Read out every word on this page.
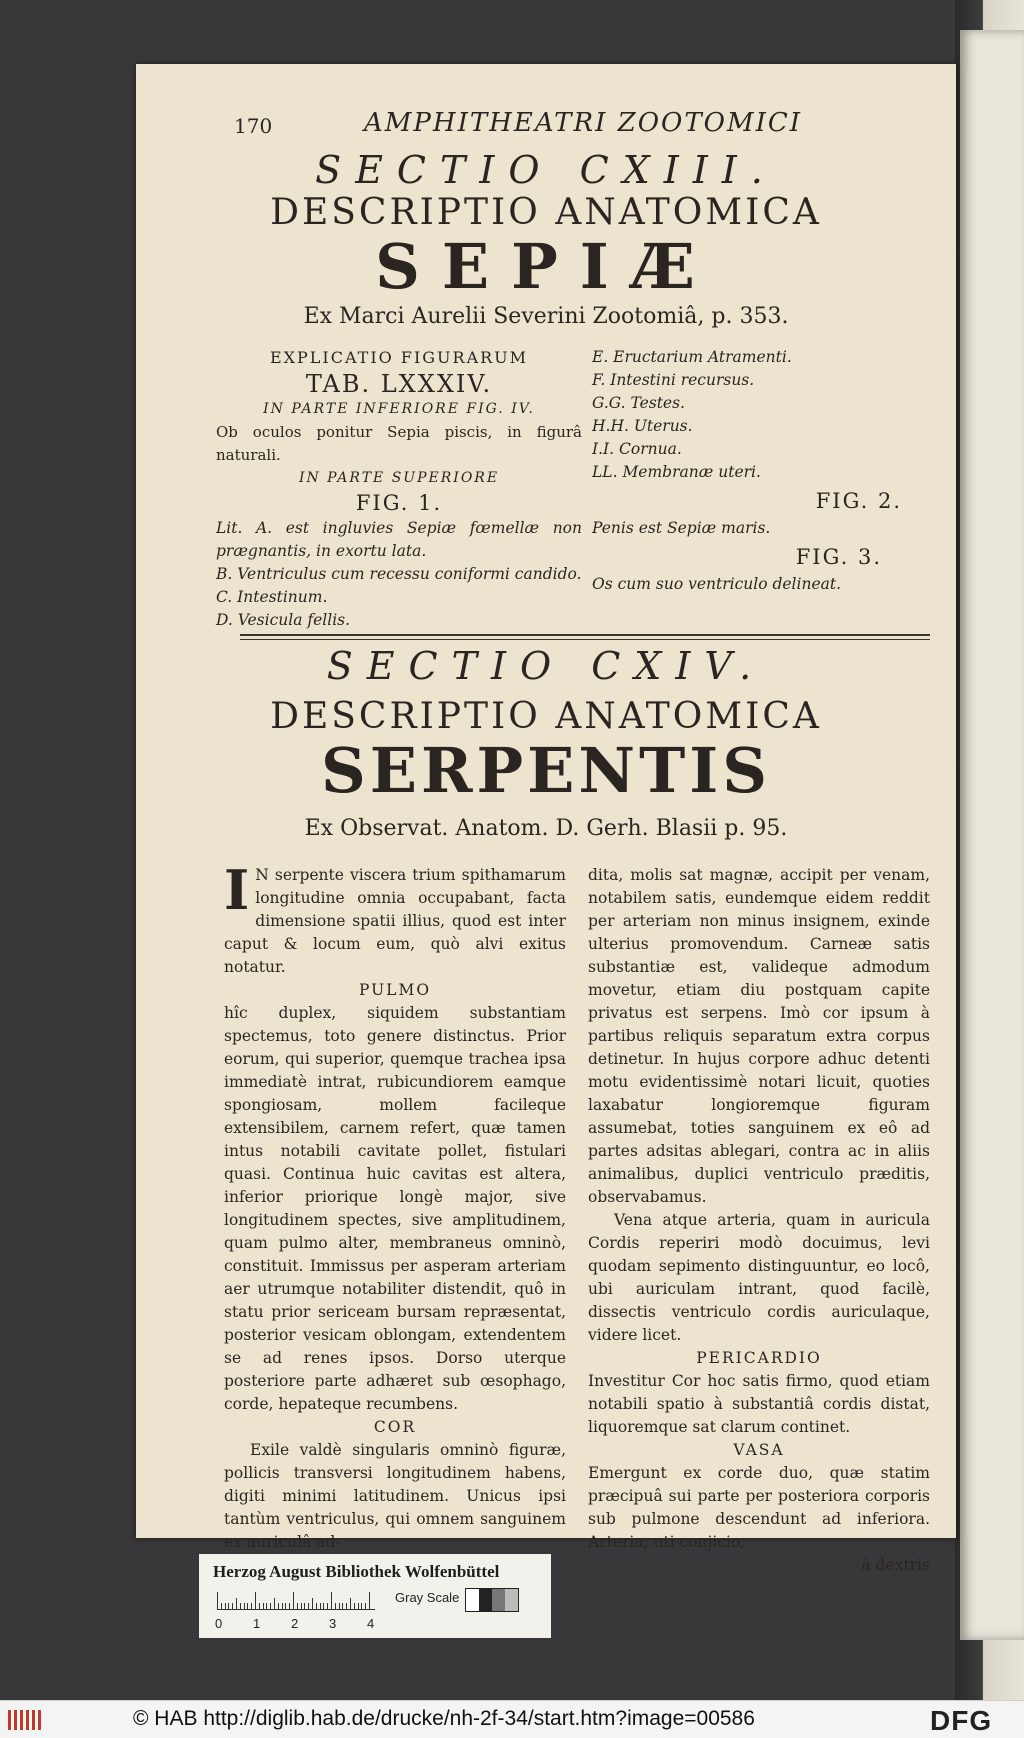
170	AMPHITHEATRI ZOOTOMICI
SECTIO CXIII.
DESCRIPTIO ANATOMICA
SEPIÆ
Ex Marci Aurelii Severini Zootomiâ, p. 353.
EXPLICATIO FIGURARUM
TAB. LXXXIV.
IN PARTE INFERIORE FIG. IV.

Ob oculos ponitur Sepia piscis, in figurâ naturali.

IN PARTE SUPERIORE
FIG. 1.

Lit. A. est ingluvies Sepiæ fœmellæ non prægnantis, in exortu lata.

B. Ventriculus cum recessu coniformi candido.

C. Intestinum.

D. Vesicula fellis.

E. Eructarium Atramenti.

F. Intestini recursus.

G.G. Testes.

H.H. Uterus.

I.I. Cornua.

LL. Membranæ uteri.

FIG. 2.

Penis est Sepiæ maris.

FIG. 3.

Os cum suo ventriculo delineat.

SECTIO CXIV.
DESCRIPTIO ANATOMICA
SERPENTIS
Ex Observat. Anatom. D. Gerh. Blasii p. 95.
I N serpente viscera trium spithamarum longitudine omnia occupabant, facta dimensione spatii illius, quod est inter caput & locum eum, quò alvi exitus notatur.

PULMO

hîc duplex, siquidem substantiam spectemus, toto genere distinctus. Prior eorum, qui superior, quemque trachea ipsa immediatè intrat, rubicundiorem eamque spongiosam, mollem facileque extensibilem, carnem refert, quæ tamen intus notabili cavitate pollet, fistulari quasi. Continua huic cavitas est altera, inferior priorique longè major, sive longitudinem spectes, sive amplitudinem, quam pulmo alter, membraneus omninò, constituit. Immissus per asperam arteriam aer utrumque notabiliter distendit, quô in statu prior sericeam bursam repræsentat, posterior vesicam oblongam, extendentem se ad renes ipsos. Dorso uterque posteriore parte adhæret sub œsophago, corde, hepateque recumbens.

COR

Exile valdè singularis omninò figuræ, pollicis transversi longitudinem habens, digiti minimi latitudinem. Unicus ipsi tantùm ventriculus, qui omnem sanguinem ex auriculâ ad-

dita, molis sat magnæ, accipit per venam, notabilem satis, eundemque eidem reddit per arteriam non minus insignem, exinde ulterius promovendum. Carneæ satis substantiæ est, valideque admodum movetur, etiam diu postquam capite privatus est serpens. Imò cor ipsum à partibus reliquis separatum extra corpus detinetur. In hujus corpore adhuc detenti motu evidentissimè notari licuit, quoties laxabatur longioremque figuram assumebat, toties sanguinem ex eô ad partes adsitas ablegari, contra ac in aliis animalibus, duplici ventriculo præditis, observabamus.

Vena atque arteria, quam in auricula Cordis reperiri modò docuimus, levi quodam sepimento distinguuntur, eo locô, ubi auriculam intrant, quod facilè, dissectis ventriculo cordis auriculaque, videre licet.

PERICARDIO

Investitur Cor hoc satis firmo, quod etiam notabili spatio à substantiâ cordis distat, liquoremque sat clarum continet.

VASA

Emergunt ex corde duo, quæ statim præcipuâ sui parte per posteriora corporis sub pulmone descendunt ad inferiora. Arteria, uti conjicio,

à dextris
Herzog August Bibliothek Wolfenbüttel
0 1 2 3 4
Gray Scale
© HAB http://diglib.hab.de/drucke/nh-2f-34/start.htm?image=00586	DFG
